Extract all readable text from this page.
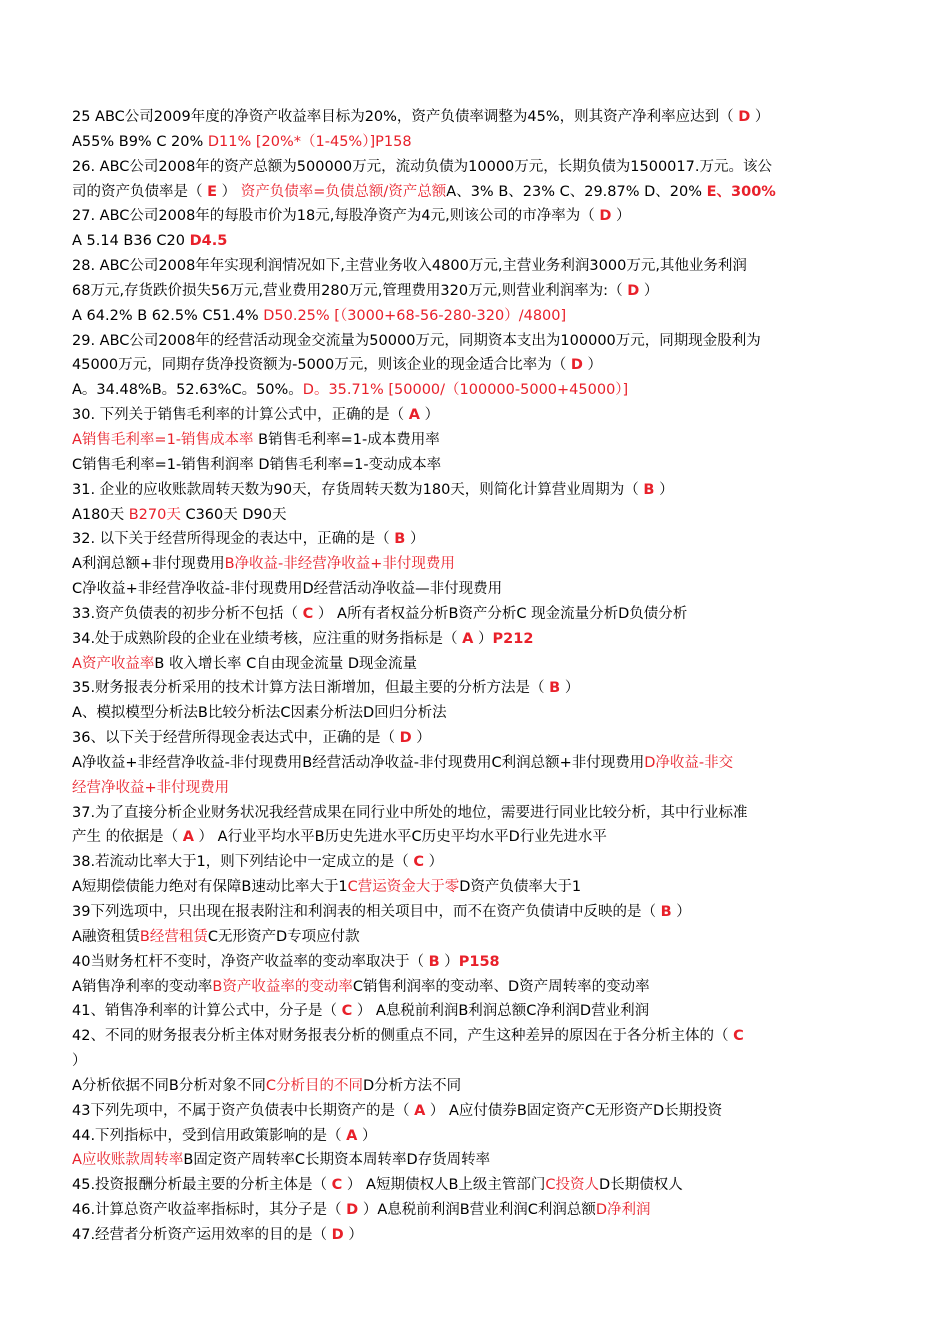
25 ABC公司2009年度的净资产收益率目标为20%，资产负债率调整为45%，则其资产净利率应达到（ D ）
A55% B9% C 20% D11% [20%*（1-45%）]P158
26. ABC公司2008年的资产总额为500000万元，流动负债为10000万元，长期负债为1500017.万元。该公
司的资产负债率是（ E ） 资产负债率=负债总额/资产总额A、3% B、23% C、29.87% D、20% E、300%
27. ABC公司2008年的每股市价为18元,每股净资产为4元,则该公司的市净率为（ D ）
A 5.14 B36 C20 D4.5
28. ABC公司2008年年实现利润情况如下,主营业务收入4800万元,主营业务利润3000万元,其他业务利润
68万元,存货跌价损失56万元,营业费用280万元,管理费用320万元,则营业利润率为:（ D ）
A 64.2% B 62.5% C51.4% D50.25% [（3000+68-56-280-320）/4800]
29. ABC公司2008年的经营活动现金交流量为50000万元，同期资本支出为100000万元，同期现金股利为
45000万元，同期存货净投资额为-5000万元，则该企业的现金适合比率为（ D ）
A。34.48%B。52.63%C。50%。D。35.71% [50000/（100000-5000+45000）]
30. 下列关于销售毛利率的计算公式中，正确的是（ A ）
A销售毛利率=1-销售成本率 B销售毛利率=1-成本费用率
C销售毛利率=1-销售利润率 D销售毛利率=1-变动成本率
31. 企业的应收账款周转天数为90天，存货周转天数为180天，则简化计算营业周期为（ B ）
A180天 B270天 C360天 D90天
32. 以下关于经营所得现金的表达中，正确的是（ B ）
A利润总额+非付现费用B净收益-非经营净收益+非付现费用
C净收益+非经营净收益-非付现费用D经营活动净收益—非付现费用
33.资产负债表的初步分析不包括（ C ） A所有者权益分析B资产分析C 现金流量分析D负债分析
34.处于成熟阶段的企业在业绩考核，应注重的财务指标是（ A ）P212
A资产收益率B 收入增长率 C自由现金流量 D现金流量
35.财务报表分析采用的技术计算方法日渐增加，但最主要的分析方法是（ B ）
A、模拟模型分析法B比较分析法C因素分析法D回归分析法
36、以下关于经营所得现金表达式中，正确的是（ D ）
A净收益+非经营净收益-非付现费用B经营活动净收益-非付现费用C利润总额+非付现费用D净收益-非交
经营净收益+非付现费用
37.为了直接分析企业财务状况我经营成果在同行业中所处的地位，需要进行同业比较分析，其中行业标准
产生 的依据是（ A ） A行业平均水平B历史先进水平C历史平均水平D行业先进水平
38.若流动比率大于1，则下列结论中一定成立的是（ C ）
A短期偿债能力绝对有保障B速动比率大于1C营运资金大于零D资产负债率大于1
39下列选项中，只出现在报表附注和利润表的相关项目中，而不在资产负债请中反映的是（ B ）
A融资租赁B经营租赁C无形资产D专项应付款
40当财务杠杆不变时，净资产收益率的变动率取决于（ B ）P158
A销售净利率的变动率B资产收益率的变动率C销售利润率的变动率、D资产周转率的变动率
41、销售净利率的计算公式中，分子是（ C ） A息税前利润B利润总额C净利润D营业利润
42、不同的财务报表分析主体对财务报表分析的侧重点不同，产生这种差异的原因在于各分析主体的（ C
）
A分析依据不同B分析对象不同C分析目的不同D分析方法不同
43下列先项中，不属于资产负债表中长期资产的是（ A ） A应付债券B固定资产C无形资产D长期投资
44.下列指标中，受到信用政策影响的是（ A ）
A应收账款周转率B固定资产周转率C长期资本周转率D存货周转率
45.投资报酬分析最主要的分析主体是（ C ） A短期债权人B上级主管部门C投资人D长期债权人
46.计算总资产收益率指标时，其分子是（ D ）A息税前利润B营业利润C利润总额D净利润
47.经营者分析资产运用效率的目的是（ D ）
